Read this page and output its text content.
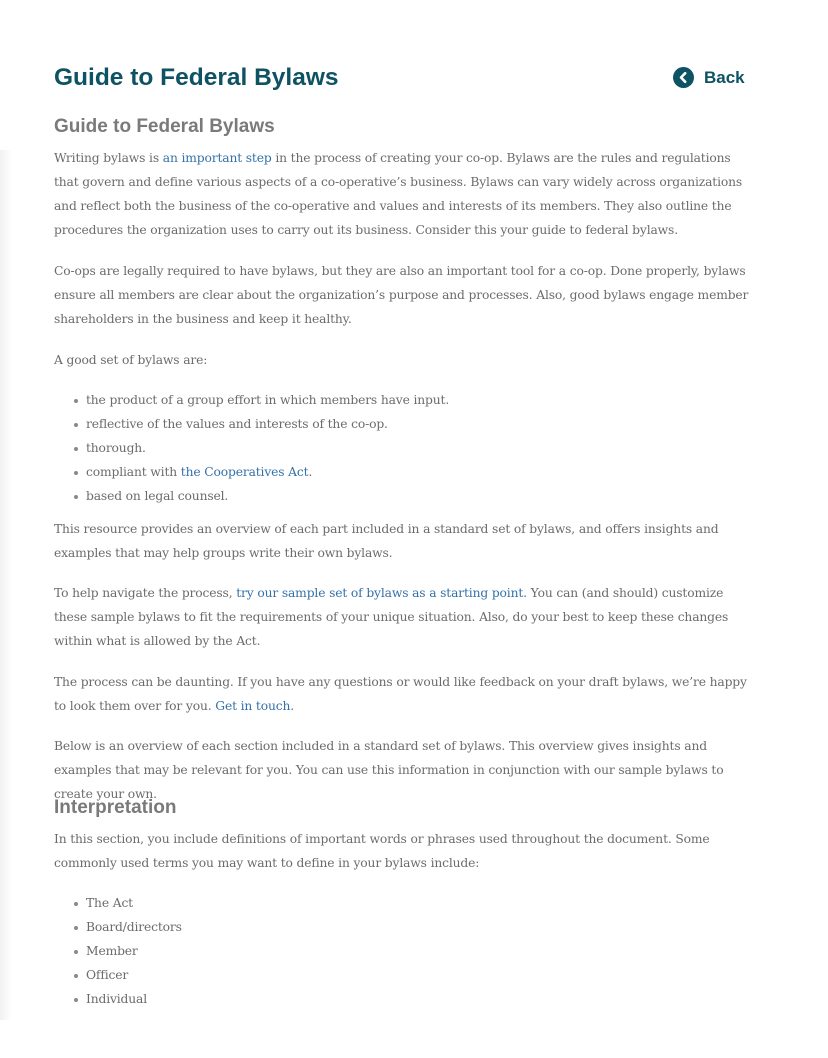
Guide to Federal Bylaws	Back
Guide to Federal Bylaws

Writing bylaws is an important step in the process of creating your co-op. Bylaws are the rules and regulations that govern and define various aspects of a co-operative’s business. Bylaws can vary widely across organizations and reflect both the business of the co-operative and values and interests of its members. They also outline the procedures the organization uses to carry out its business. Consider this your guide to federal bylaws.

Co-ops are legally required to have bylaws, but they are also an important tool for a co-op. Done properly, bylaws ensure all members are clear about the organization’s purpose and processes. Also, good bylaws engage member shareholders in the business and keep it healthy.

A good set of bylaws are:

the product of a group effort in which members have input.
reflective of the values and interests of the co-op.
thorough.
compliant with the Cooperatives Act.
based on legal counsel.

This resource provides an overview of each part included in a standard set of bylaws, and offers insights and examples that may help groups write their own bylaws.

To help navigate the process, try our sample set of bylaws as a starting point. You can (and should) customize these sample bylaws to fit the requirements of your unique situation. Also, do your best to keep these changes within what is allowed by the Act.

The process can be daunting. If you have any questions or would like feedback on your draft bylaws, we’re happy to look them over for you. Get in touch.

Below is an overview of each section included in a standard set of bylaws. This overview gives insights and examples that may be relevant for you. You can use this information in conjunction with our sample bylaws to create your own.

Interpretation

In this section, you include definitions of important words or phrases used throughout the document. Some commonly used terms you may want to define in your bylaws include:

The Act
Board/directors
Member
Officer
Individual
